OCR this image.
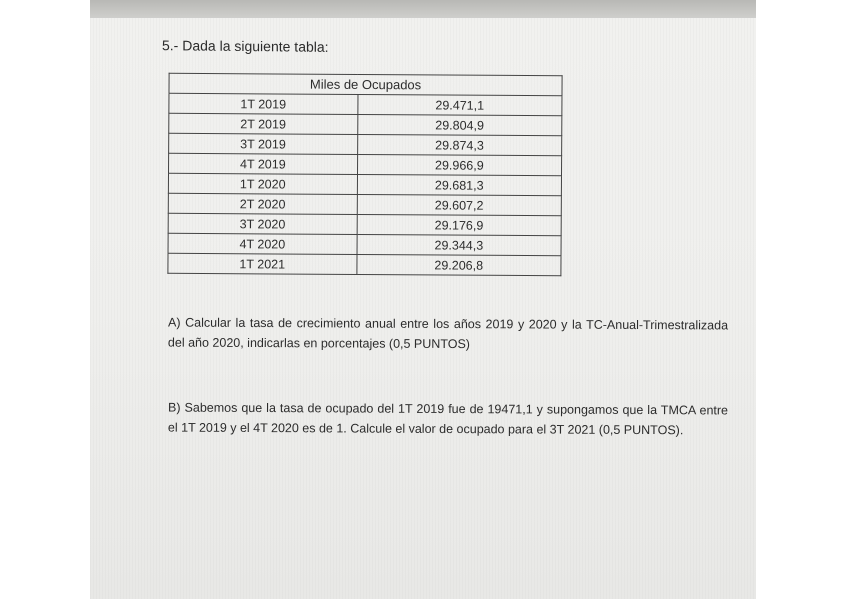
5.- Dada la siguiente tabla:
Miles de Ocupados	
1T 2019	29.471,1
2T 2019	29.804,9
3T 2019	29.874,3
4T 2019	29.966,9
1T 2020	29.681,3
2T 2020	29.607,2
3T 2020	29.176,9
4T 2020	29.344,3
1T 2021	29.206,8
A) Calcular la tasa de crecimiento anual entre los años 2019 y 2020 y la TC-Anual-Trimestralizada del año 2020, indicarlas en porcentajes (0,5 PUNTOS)
B) Sabemos que la tasa de ocupado del 1T 2019 fue de 19471,1 y supongamos que la TMCA entre el 1T 2019 y el 4T 2020 es de 1. Calcule el valor de ocupado para el 3T 2021 (0,5 PUNTOS).
